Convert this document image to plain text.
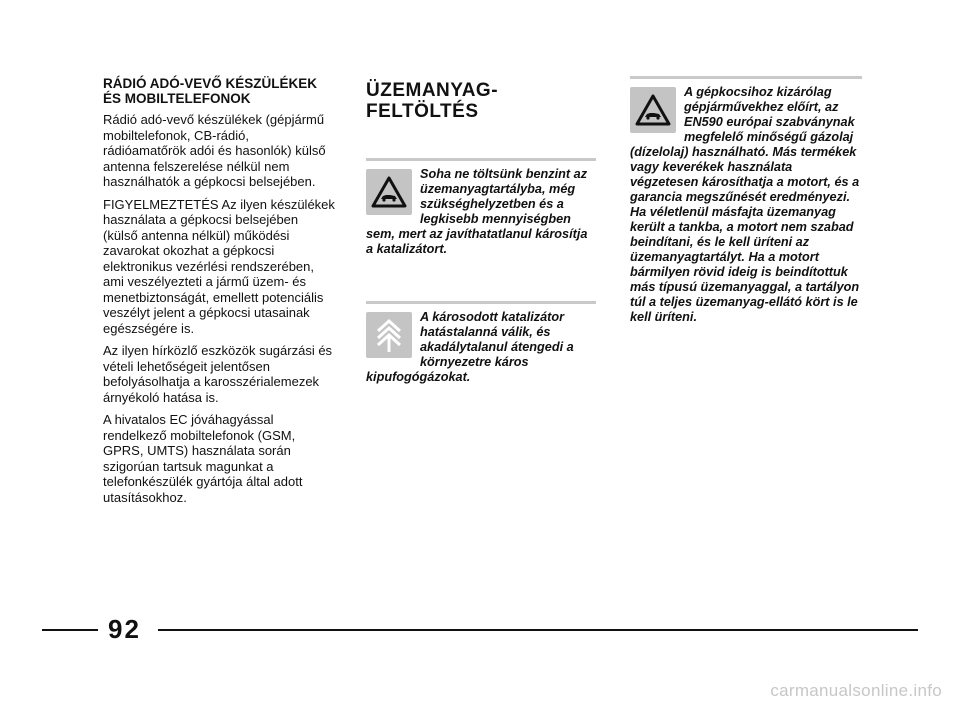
RÁDIÓ ADÓ-VEVŐ KÉSZÜLÉKEK ÉS MOBILTELEFONOK

Rádió adó-vevő készülékek (gépjármű mobiltelefonok, CB-rádió, rádióamatőrök adói és hasonlók) külső antenna felszerelése nélkül nem használhatók a gépkocsi belsejében.

FIGYELMEZTETÉS Az ilyen készülékek használata a gépkocsi belsejében (külső antenna nélkül) működési zavarokat okozhat a gépkocsi elektronikus vezérlési rendszerében, ami veszélyezteti a jármű üzem- és menetbiztonságát, emellett potenciális veszélyt jelent a gépkocsi utasainak egészségére is.

Az ilyen hírközlő eszközök sugárzási és vételi lehetőségeit jelentősen befolyásolhatja a karosszérialemezek árnyékoló hatása is.

A hivatalos EC jóváhagyással rendelkező mobiltelefonok (GSM, GPRS, UMTS) használata során szigorúan tartsuk magunkat a telefonkészülék gyártója által adott utasításokhoz.

ÜZEMANYAG-
FELTÖLTÉS

Soha ne töltsünk benzint az üzemanyagtartályba, még szükséghelyzetben és a legkisebb mennyiségben sem, mert az javíthatatlanul károsítja a katalizátort.

A károsodott katalizátor hatástalanná válik, és akadálytalanul átengedi a környezetre káros kipufogógázokat.

A gépkocsihoz kizárólag gépjárművekhez előírt, az EN590 európai szabványnak megfelelő minőségű gázolaj (dízelolaj) használható. Más termékek vagy keverékek használata végzetesen károsíthatja a motort, és a garancia megszűnését eredményezi. Ha véletlenül másfajta üzemanyag került a tankba, a motort nem szabad beindítani, és le kell üríteni az üzemanyagtartályt. Ha a motort bármilyen rövid ideig is beindítottuk más típusú üzemanyaggal, a tartályon túl a teljes üzemanyag-ellátó kört is le kell üríteni.

92
carmanualsonline.info
